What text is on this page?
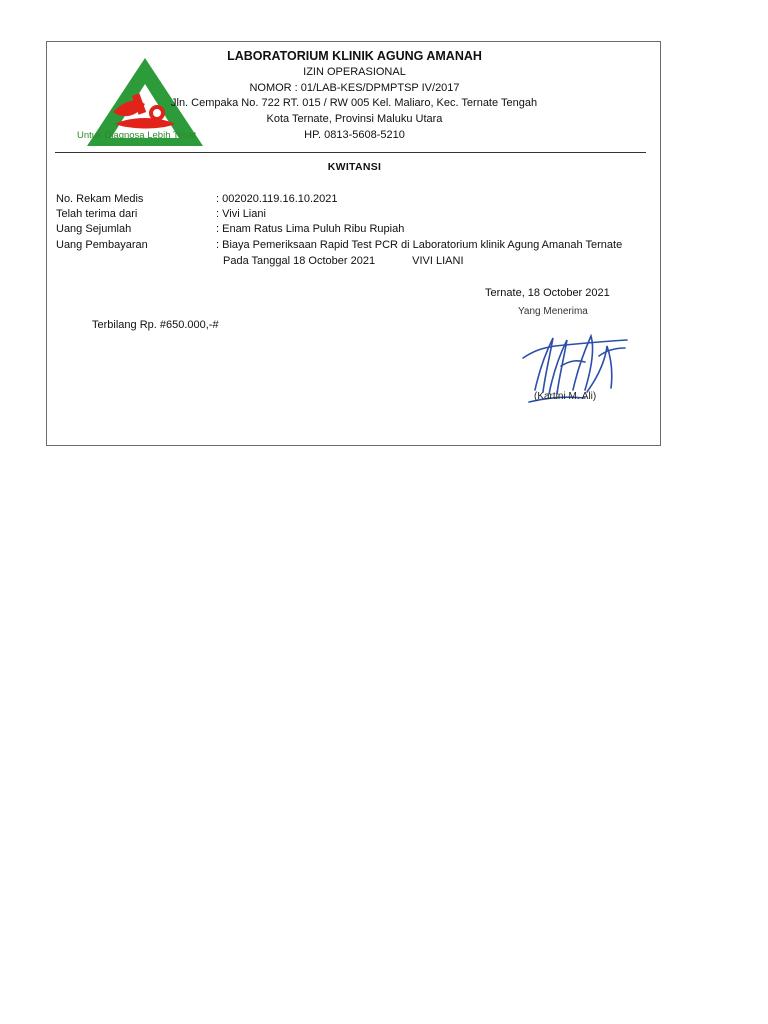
Untuk Diagnosa Lebih Tepat
LABORATORIUM KLINIK AGUNG AMANAH
IZIN OPERASIONAL
NOMOR : 01/LAB-KES/DPMPTSP IV/2017
Jln. Cempaka No. 722 RT. 015 / RW 005 Kel. Maliaro, Kec. Ternate Tengah
Kota Ternate, Provinsi Maluku Utara
HP. 0813-5608-5210
KWITANSI
No. Rekam Medis	: 002020.119.16.10.2021
Telah terima dari	: Vivi Liani
Uang Sejumlah	: Enam Ratus Lima Puluh Ribu Rupiah
Uang Pembayaran	: Biaya Pemeriksaan Rapid Test PCR di Laboratorium klinik Agung Amanah Ternate
Pada Tanggal 18 October 2021	VIVI LIANI
Ternate, 18 October 2021
Terbilang Rp. #650.000,-#
Yang Menerima
(Kartini M. Ali)
